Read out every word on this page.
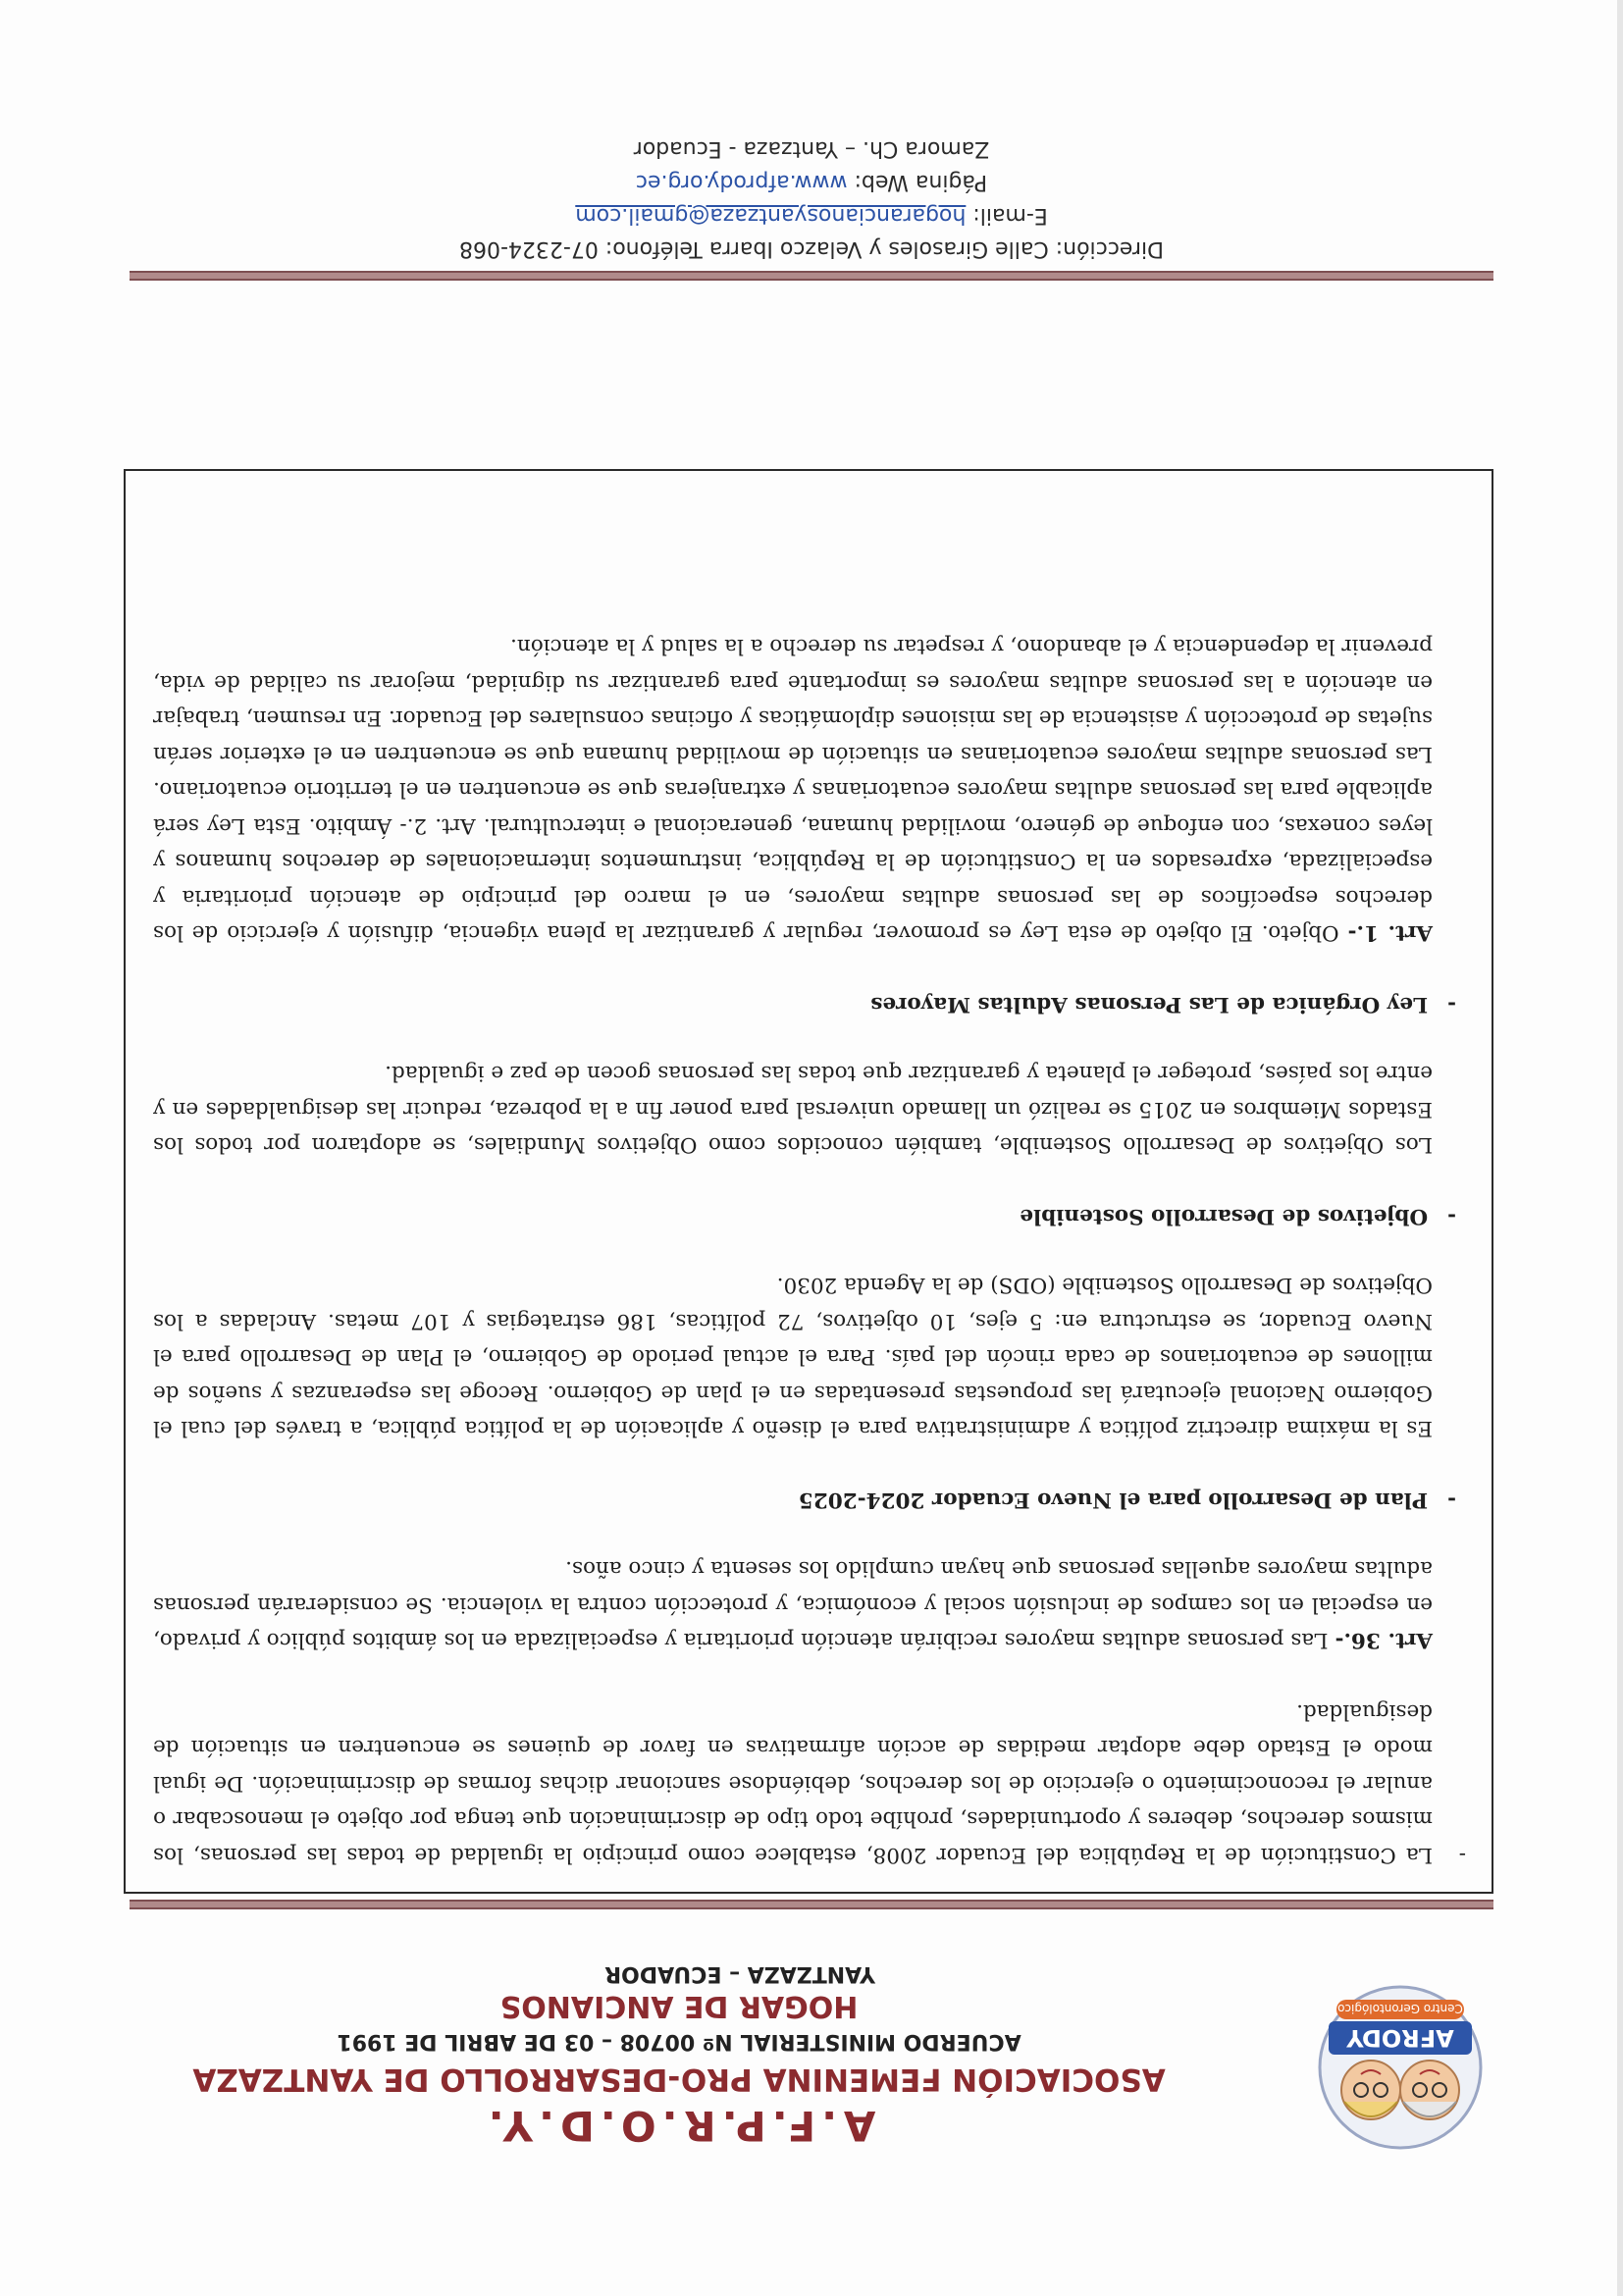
AFRODY
Centro Gerontológico
A.F.P.R.O.D.Y.
ASOCIACIÓN FEMENINA PRO-DESARROLLO DE YANTZAZA
ACUERDO MINISTERIAL Nº 00708 – 03 DE ABRIL DE 1991
HOGAR DE ANCIANOS
YANTZAZA – ECUADOR
-
La Constitución de la República del Ecuador 2008, establece como principio la igualdad de todas las personas, los mismos derechos, deberes y oportunidades, prohíbe todo tipo de discriminación que tenga por objeto el menoscabar o anular el reconocimiento o ejercicio de los derechos, debiéndose sancionar dichas formas de discriminación. De igual modo el Estado debe adoptar medidas de acción afirmativas en favor de quienes se encuentren en situación de desigualdad.
Art. 36.- Las personas adultas mayores recibirán atención prioritaria y especializada en los ámbitos público y privado, en especial en los campos de inclusión social y económica, y protección contra la violencia. Se considerarán personas adultas mayores aquellas personas que hayan cumplido los sesenta y cinco años.
-Plan de Desarrollo para el Nuevo Ecuador 2024-2025
Es la máxima directriz política y administrativa para el diseño y aplicación de la política pública, a través del cual el Gobierno Nacional ejecutará las propuestas presentadas en el plan de Gobierno. Recoge las esperanzas y sueños de millones de ecuatorianos de cada rincón del país. Para el actual periodo de Gobierno, el Plan de Desarrollo para el Nuevo Ecuador, se estructura en: 5 ejes, 10 objetivos, 72 políticas, 186 estrategias y 107 metas. Ancladas a los Objetivos de Desarrollo Sostenible (ODS) de la Agenda 2030.
-Objetivos de Desarrollo Sostenible
Los Objetivos de Desarrollo Sostenible, también conocidos como Objetivos Mundiales, se adoptaron por todos los Estados Miembros en 2015 se realizó un llamado universal para poner fin a la pobreza, reducir las desigualdades en y entre los países, proteger el planeta y garantizar que todas las personas gocen de paz e igualdad.
-Ley Orgánica de Las Personas Adultas Mayores
Art. 1.- Objeto. El objeto de esta Ley es promover, regular y garantizar la plena vigencia, difusión y ejercicio de los derechos específicos de las personas adultas mayores, en el marco del principio de atención prioritaria y especializada, expresados en la Constitución de la República, instrumentos internacionales de derechos humanos y leyes conexas, con enfoque de género, movilidad humana, generacional e intercultural. Art. 2.- Ámbito. Esta Ley será aplicable para las personas adultas mayores ecuatorianas y extranjeras que se encuentren en el territorio ecuatoriano. Las personas adultas mayores ecuatorianas en situación de movilidad humana que se encuentren en el exterior serán sujetas de protección y asistencia de las misiones diplomáticas y oficinas consulares del Ecuador. En resumen, trabajar en atención a las personas adultas mayores es importante para garantizar su dignidad, mejorar su calidad de vida, prevenir la dependencia y el abandono, y respetar su derecho a la salud y la atención.
Dirección: Calle Girasoles y Velazco Ibarra Teléfono: 07-2324-068
E-mail: hogarancianosyantzaza@gmail.com
Página Web: www.afprody.org.ec
Zamora Ch. – Yantzaza - Ecuador
